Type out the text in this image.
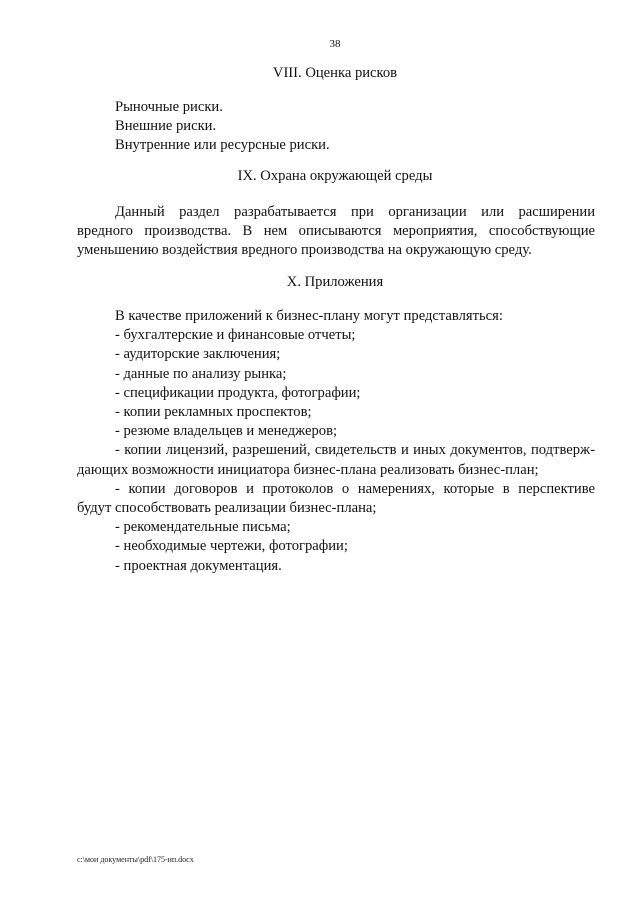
38
VIII. Оценка рисков
Рыночные риски.
Внешние риски.
Внутренние или ресурсные риски.
IX. Охрана окружающей среды
Данный раздел разрабатывается при организации или расширении
вредного производства. В нем описываются мероприятия, способствующие
уменьшению воздействия вредного производства на окружающую среду.
X. Приложения
В качестве приложений к бизнес-плану могут представляться:
- бухгалтерские и финансовые отчеты;
- аудиторские заключения;
- данные по анализу рынка;
- спецификации продукта, фотографии;
- копии рекламных проспектов;
- резюме владельцев и менеджеров;
- копии лицензий, разрешений, свидетельств и иных документов, подтверж-
дающих возможности инициатора бизнес-плана реализовать бизнес-план;
- копии договоров и протоколов о намерениях, которые в перспективе
будут способствовать реализации бизнес-плана;
- рекомендательные письма;
- необходимые чертежи, фотографии;
- проектная документация.
c:\мои документы\pdf\175-ип.docx
